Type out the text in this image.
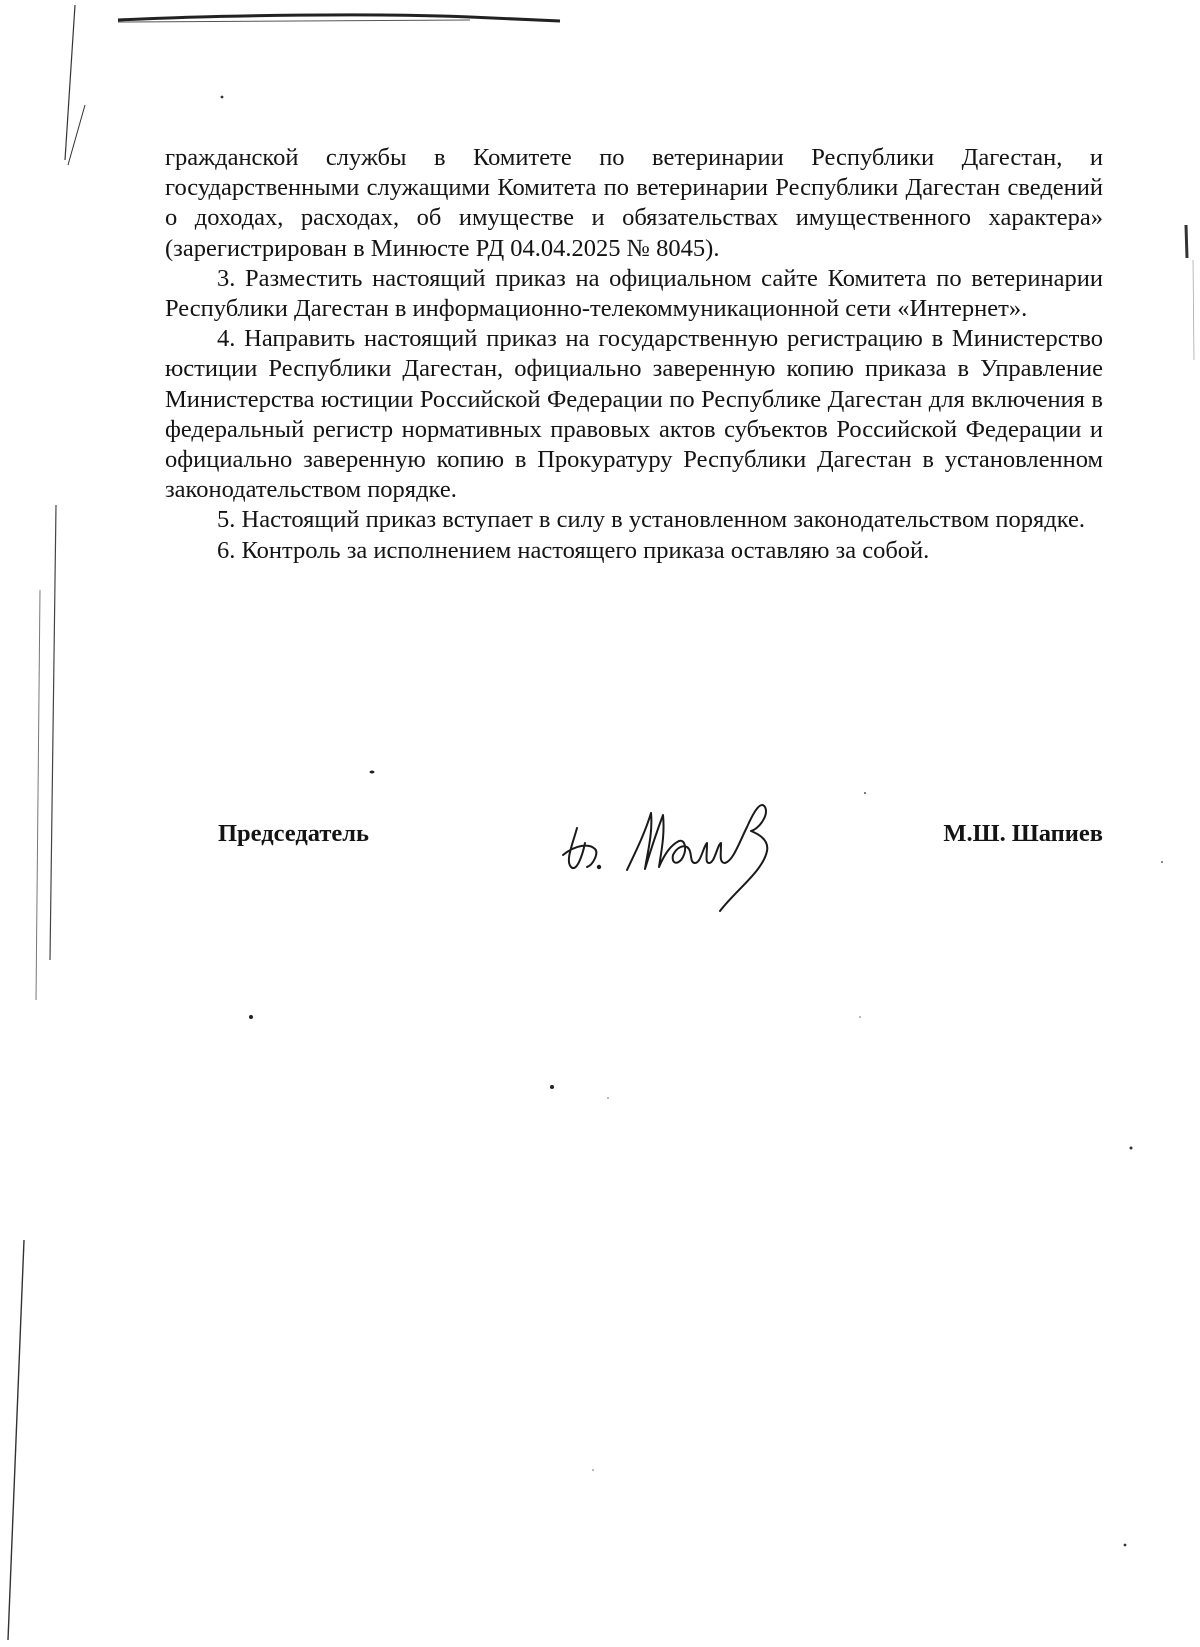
гражданской службы в Комитете по ветеринарии Республики Дагестан, и государственными служащими Комитета по ветеринарии Республики Дагестан сведений о доходах, расходах, об имуществе и обязательствах имущественного характера» (зарегистрирован в Минюсте РД 04.04.2025 № 8045).

3. Разместить настоящий приказ на официальном сайте Комитета по ветеринарии Республики Дагестан в информационно-телекоммуникационной сети «Интернет».

4. Направить настоящий приказ на государственную регистрацию в Министерство юстиции Республики Дагестан, официально заверенную копию приказа в Управление Министерства юстиции Российской Федерации по Республике Дагестан для включения в федеральный регистр нормативных правовых актов субъектов Российской Федерации и официально заверенную копию в Прокуратуру Республики Дагестан в установленном законодательством порядке.

5. Настоящий приказ вступает в силу в установленном законодательством порядке.

6. Контроль за исполнением настоящего приказа оставляю за собой.

Председатель	М.Ш. Шапиев
